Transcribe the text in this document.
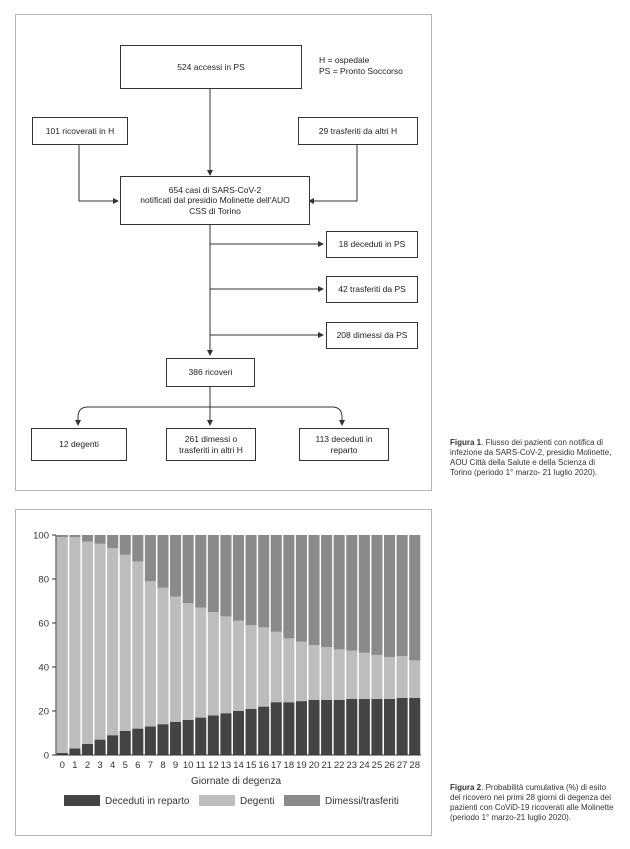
524 accessi in PS
H = ospedale
PS = Pronto Soccorso
101 ricoverati in H	29 trasferiti da altri H
654 casi di SARS-CoV-2
notificati dal presidio Molinette dell'AUO
CSS di Torino
18 deceduti in PS
42 trasferiti da PS
208 dimessi da PS
386 ricoveri
12 degenti
261 dimessi o
trasferiti in altri H
113 deceduti in
reparto
Figura 1. Flusso dei pazienti con notifica di infezione da SARS-CoV-2, presidio Molinette, AOU Città della Salute e della Scienza di Torino (periodo 1° marzo- 21 luglio 2020).
0
20
40
60
80
100
0 1 2 3 4 5 6 7 8 9 10 11 12 13 14 15 16 17 18 19 20 21 22 23 24 25 26 27 28
Giornate di degenza
Deceduti in reparto	Degenti	Dimessi/trasferiti
Figura 2. Probabilità cumulativa (%) di esito del ricovero nei primi 28 giorni di degenza dei pazienti con CoViD-19 ricoverati alle Molinette (periodo 1° marzo-21 luglio 2020).
